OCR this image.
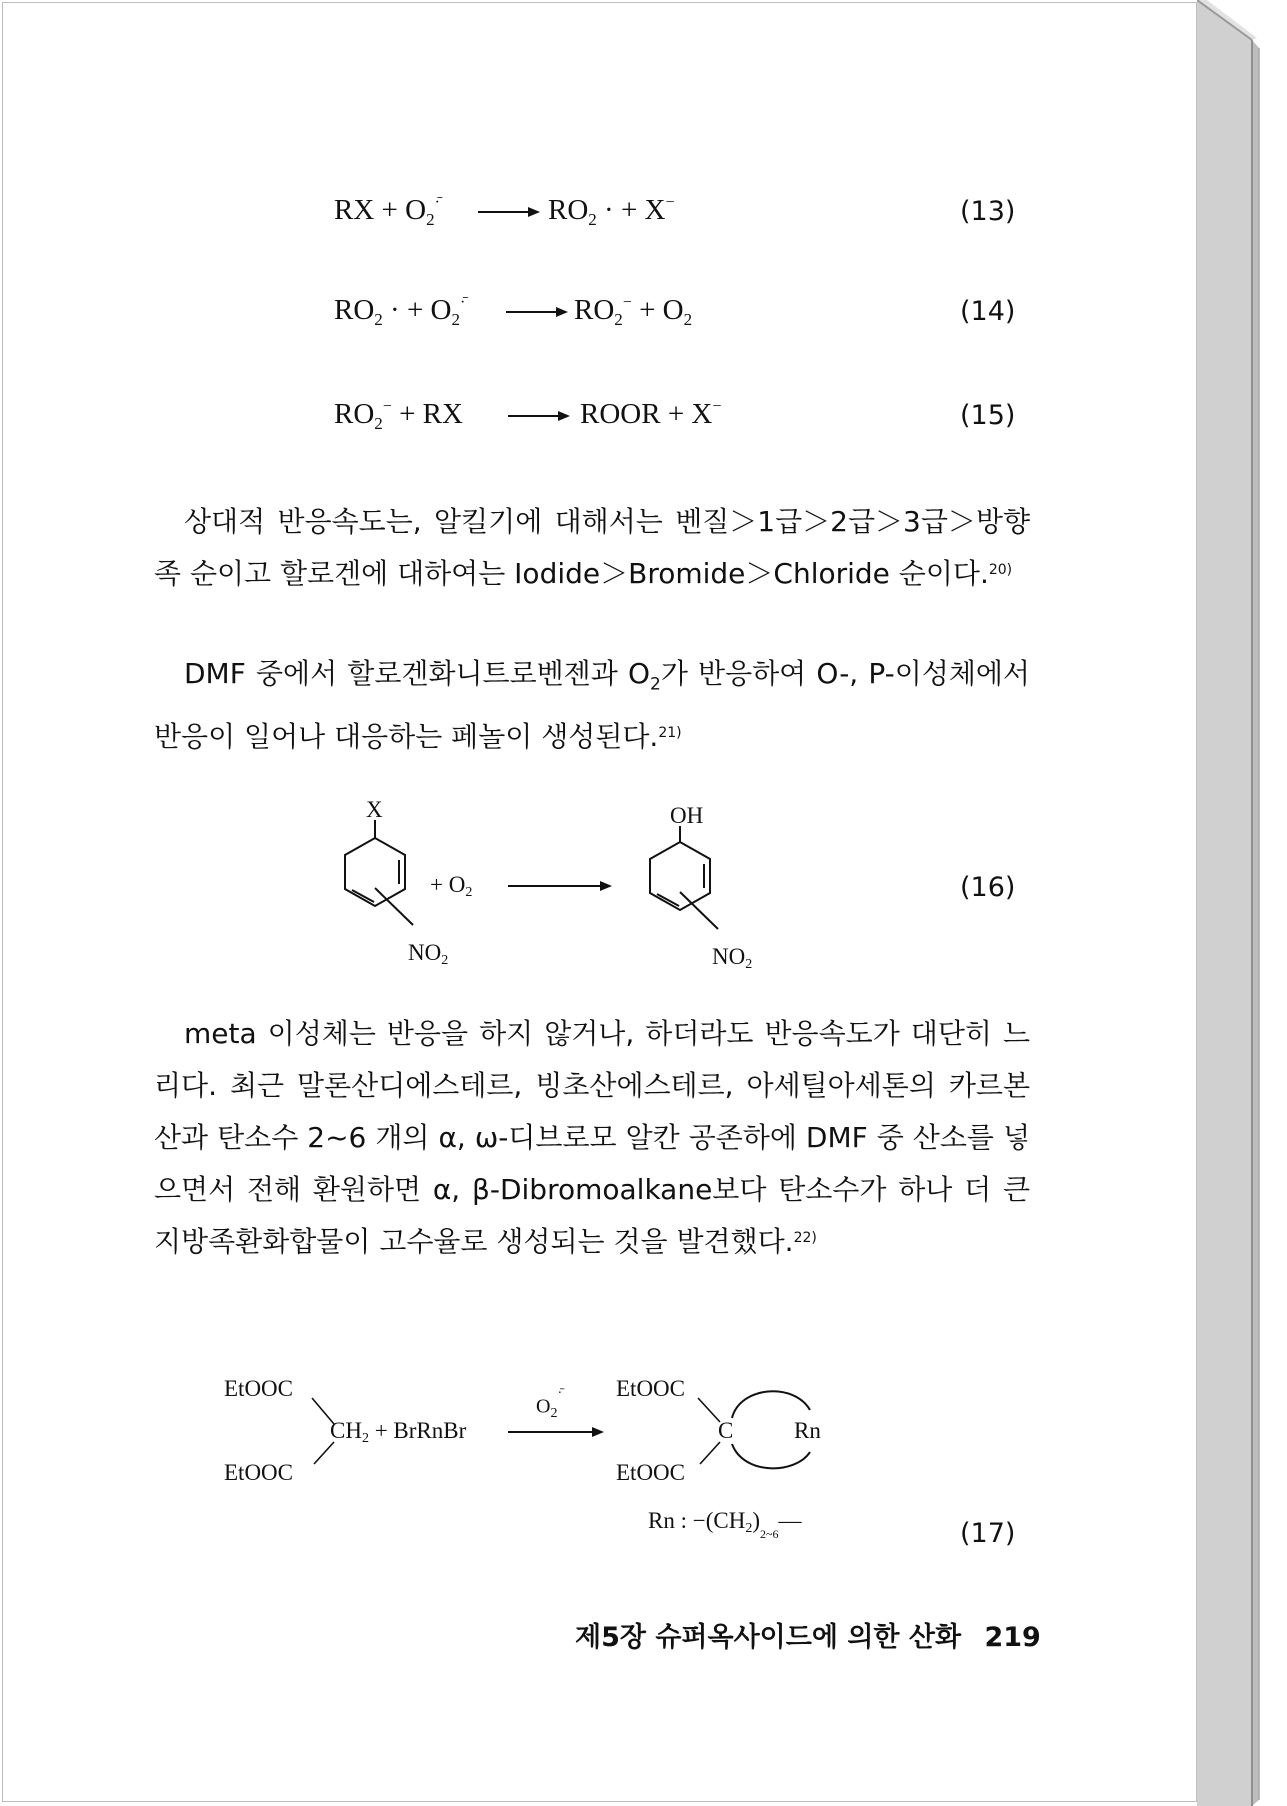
RX + $O_2^{\cdot̄} \to RO_2$ · + X−	(13)
$RO_2$ · + $O_2^{\cdot̄} \to RO_2^- + O_2$	(14)
$RO_2^-$ + RX	→ ROOR + X−	(15)
상대적 반응속도는, 알킬기에 대해서는 벤질＞1급＞2급＞3급＞방향족 순이고 할로겐에 대하여는 Iodide＞Bromide＞Chloride 순이다.$^{20)}$
DMF 중에서 할로겐화니트로벤젠과 $O_2$가 반응하여 O-, P-이성체에서 반응이 일어나 대응하는 페놀이 생성된다.$^{21)}$
X
$NO_2$
+ $O_2$
OH
$NO_2$
(16)
meta 이성체는 반응을 하지 않거나, 하더라도 반응속도가 대단히 느리다. 최근 말론산디에스테르, 빙초산에스테르, 아세틸아세톤의 카르본산과 탄소수 2~6 개의 α, ω-디브로모 알칸 공존하에 DMF 중 산소를 넣으면서 전해 환원하면 α, β-Dibromoalkane보다 탄소수가 하나 더 큰 지방족환화합물이 고수율로 생성되는 것을 발견했다.$^{22)}$
EtOOC
EtOOC
$CH_2$ + BrRnBr
$O_2^{\cdot̄}$ EtOOC
EtOOC
C	Rn
Rn : $-(CH_2)_{2\sim 6}—$	(17)
제5장 슈퍼옥사이드에 의한 산화 219
